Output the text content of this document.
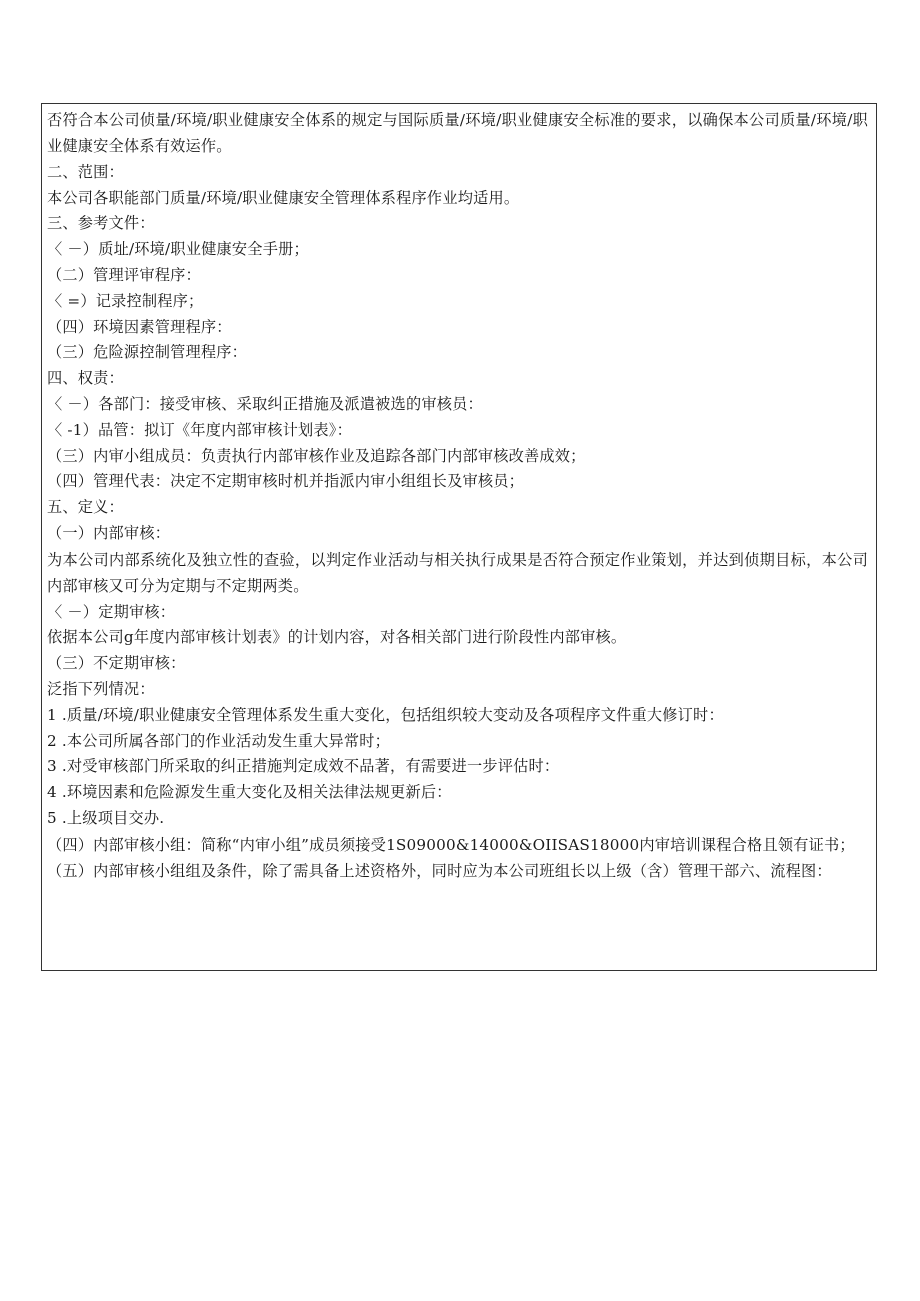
否符合本公司侦量/环境/职业健康安全体系的规定与国际质量/环境/职业健康安全标准的要求，以确保本公司质量/环境/职业健康安全体系有效运作。
二、范围：
本公司各职能部门质量/环境/职业健康安全管理体系程序作业均适用。
三、参考文件：
〈 －）质址/环境/职业健康安全手册；
（二）管理评审程序：
〈 =）记录控制程序；
（四）环境因素管理程序：
（三）危险源控制管理程序：
四、权责：
〈 －）各部门：接受审核、采取纠正措施及派遣被选的审核员：
〈 -1）品管：拟订《年度内部审核计划表》：
（三）内审小组成员：负责执行内部审核作业及追踪各部门内部审核改善成效；
（四）管理代表：决定不定期审核时机并指派内审小组组长及审核员；
五、定义：
（一）内部审核：
为本公司内部系统化及独立性的查验，以判定作业活动与相关执行成果是否符合预定作业策划，并达到侦期目标，本公司内部审核又可分为定期与不定期两类。
〈 －）定期审核：
依据本公司g年度内部审核计划表》的计划内容，对各相关部门进行阶段性内部审核。
（三）不定期审核：
泛指下列情况：
1 .质量/环境/职业健康安全管理体系发生重大变化，包括组织较大变动及各项程序文件重大修订时：
2 .本公司所属各部门的作业活动发生重大异常时；
3 .对受审核部门所采取的纠正措施判定成效不品著，有需要进一步评估时：
4 .环境因素和危险源发生重大变化及相关法律法规更新后：
5 .上级项目交办.
（四）内部审核小组：简称“内审小组”成员须接受1S09000&14000&OIISAS18000内审培训课程合格且领有证书；
（五）内部审核小组组及条件，除了需具备上述资格外，同时应为本公司班组长以上级（含）管理干部六、流程图：
